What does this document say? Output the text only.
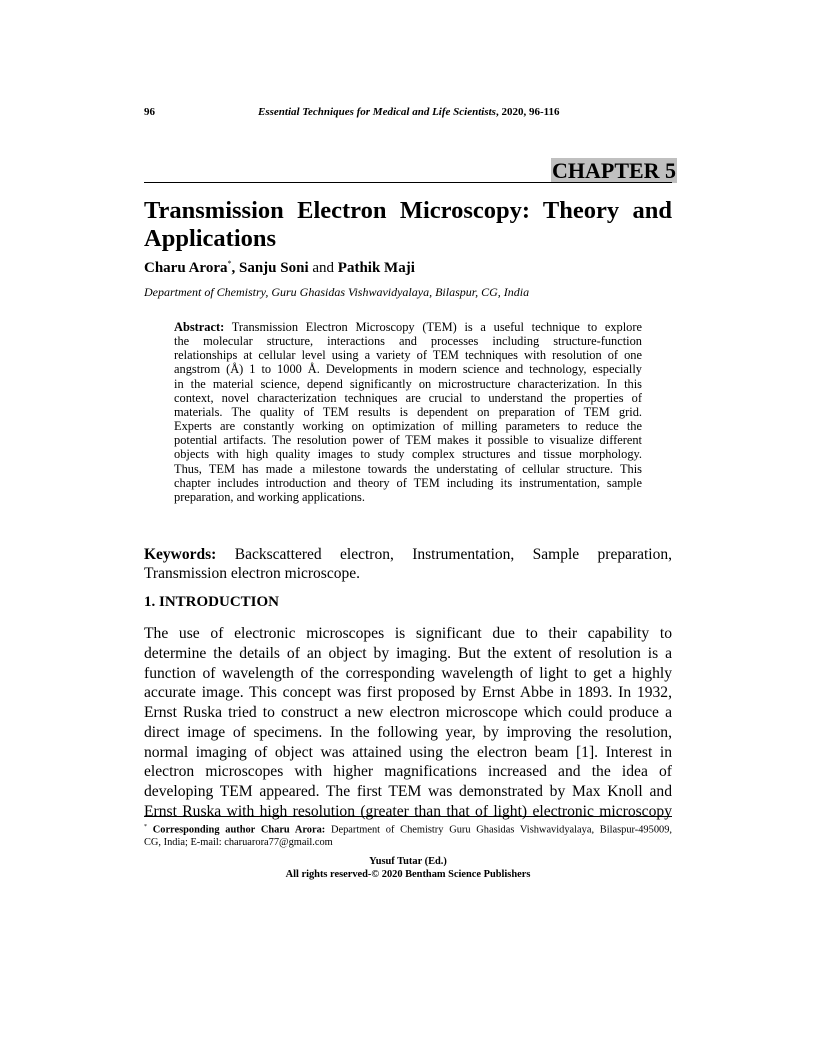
96	Essential Techniques for Medical and Life Scientists, 2020, 96-116
CHAPTER 5
Transmission Electron Microscopy: Theory and
Applications
Charu Arora*, Sanju Soni and Pathik Maji
Department of Chemistry, Guru Ghasidas Vishwavidyalaya, Bilaspur, CG, India
Abstract: Transmission Electron Microscopy (TEM) is a useful technique to explore
the molecular structure, interactions and processes including structure-function
relationships at cellular level using a variety of TEM techniques with resolution of one
angstrom (Å) 1 to 1000 Å. Developments in modern science and technology, especially
in the material science, depend significantly on microstructure characterization. In this
context, novel characterization techniques are crucial to understand the properties of
materials. The quality of TEM results is dependent on preparation of TEM grid.
Experts are constantly working on optimization of milling parameters to reduce the
potential artifacts. The resolution power of TEM makes it possible to visualize different
objects with high quality images to study complex structures and tissue morphology.
Thus, TEM has made a milestone towards the understating of cellular structure. This
chapter includes introduction and theory of TEM including its instrumentation, sample
preparation, and working applications.
Keywords: Backscattered electron, Instrumentation, Sample preparation,
Transmission electron microscope.
1. INTRODUCTION
The use of electronic microscopes is significant due to their capability to
determine the details of an object by imaging. But the extent of resolution is a
function of wavelength of the corresponding wavelength of light to get a highly
accurate image. This concept was first proposed by Ernst Abbe in 1893. In 1932,
Ernst Ruska tried to construct a new electron microscope which could produce a
direct image of specimens. In the following year, by improving the resolution,
normal imaging of object was attained using the electron beam [1]. Interest in
electron microscopes with higher magnifications increased and the idea of
developing TEM appeared. The first TEM was demonstrated by Max Knoll and
Ernst Ruska with high resolution (greater than that of light) electronic microscopy
* Corresponding author Charu Arora: Department of Chemistry Guru Ghasidas Vishwavidyalaya, Bilaspur-495009,
CG, India; E-mail: charuarora77@gmail.com
Yusuf Tutar (Ed.)
All rights reserved-© 2020 Bentham Science Publishers
